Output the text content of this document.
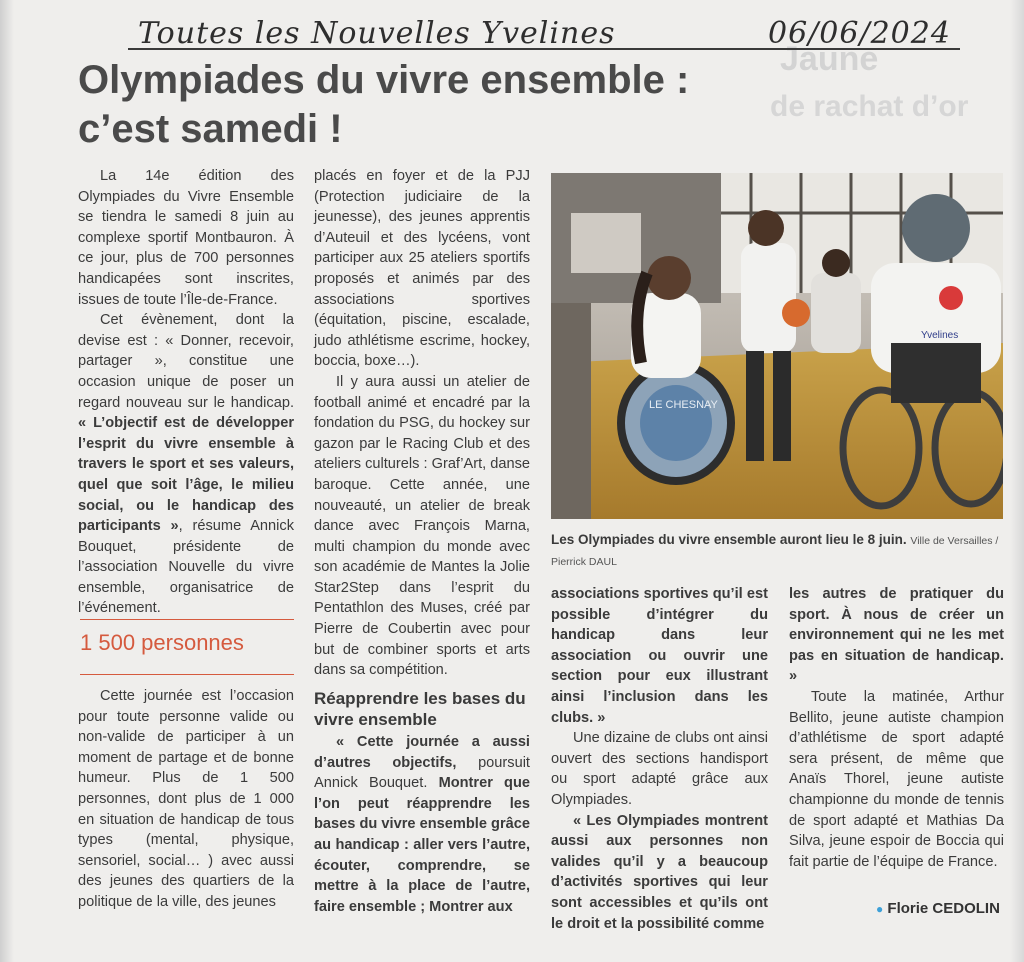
Jaune
de rachat d’or
Toutes les Nouvelles Yvelines	06/06/2024
Olympiades du vivre ensemble :
c’est samedi !

La 14e édition des Olympiades du Vivre Ensemble se tiendra le samedi 8 juin au complexe sportif Montbauron. À ce jour, plus de 700 personnes handicapées sont inscrites, issues de toute l’Île-de-France.

Cet évènement, dont la devise est : « Donner, recevoir, partager », constitue une occasion unique de poser un regard nouveau sur le handicap. « L’objectif est de développer l’esprit du vivre ensemble à travers le sport et ses valeurs, quel que soit l’âge, le milieu social, ou le handicap des participants », résume Annick Bouquet, présidente de l’association Nouvelle du vivre ensemble, organisatrice de l’événement.

1 500 personnes

Cette journée est l’occasion pour toute personne valide ou non-valide de participer à un moment de partage et de bonne humeur. Plus de 1 500 personnes, dont plus de 1 000 en situation de handicap de tous types (mental, physique, sensoriel, social… ) avec aussi des jeunes des quartiers de la politique de la ville, des jeunes

placés en foyer et de la PJJ (Protection judiciaire de la jeunesse), des jeunes apprentis d’Auteuil et des lycéens, vont participer aux 25 ateliers sportifs proposés et animés par des associations sportives (équitation, piscine, escalade, judo athlétisme escrime, hockey, boccia, boxe…).

Il y aura aussi un atelier de football animé et encadré par la fondation du PSG, du hockey sur gazon par le Racing Club et des ateliers culturels : Graf’Art, danse baroque. Cette année, une nouveauté, un atelier de break dance avec François Marna, multi champion du monde avec son académie de Mantes la Jolie Star2Step dans l’esprit du Pentathlon des Muses, créé par Pierre de Coubertin avec pour but de combiner sports et arts dans sa compétition.

Réapprendre les bases du vivre ensemble

« Cette journée a aussi d’autres objectifs, poursuit Annick Bouquet. Montrer que l’on peut réapprendre les bases du vivre ensemble grâce au handicap : aller vers l’autre, écouter, comprendre, se mettre à la place de l’autre, faire ensemble ; Montrer aux

Yvelines
LE CHESNAY
Les Olympiades du vivre ensemble auront lieu le 8 juin. Ville de Versailles / Pierrick DAUL

associations sportives qu’il est possible d’intégrer du handicap dans leur association ou ouvrir une section pour eux illustrant ainsi l’inclusion dans les clubs. »

Une dizaine de clubs ont ainsi ouvert des sections handisport ou sport adapté grâce aux Olympiades.

« Les Olympiades montrent aussi aux personnes non valides qu’il y a beaucoup d’activités sportives qui leur sont accessibles et qu’ils ont le droit et la possibilité comme

les autres de pratiquer du sport. À nous de créer un environnement qui ne les met pas en situation de handicap. »

Toute la matinée, Arthur Bellito, jeune autiste champion d’athlétisme de sport adapté sera présent, de même que Anaïs Thorel, jeune autiste championne du monde de tennis de sport adapté et Mathias Da Silva, jeune espoir de Boccia qui fait partie de l’équipe de France.

● Florie CEDOLIN
